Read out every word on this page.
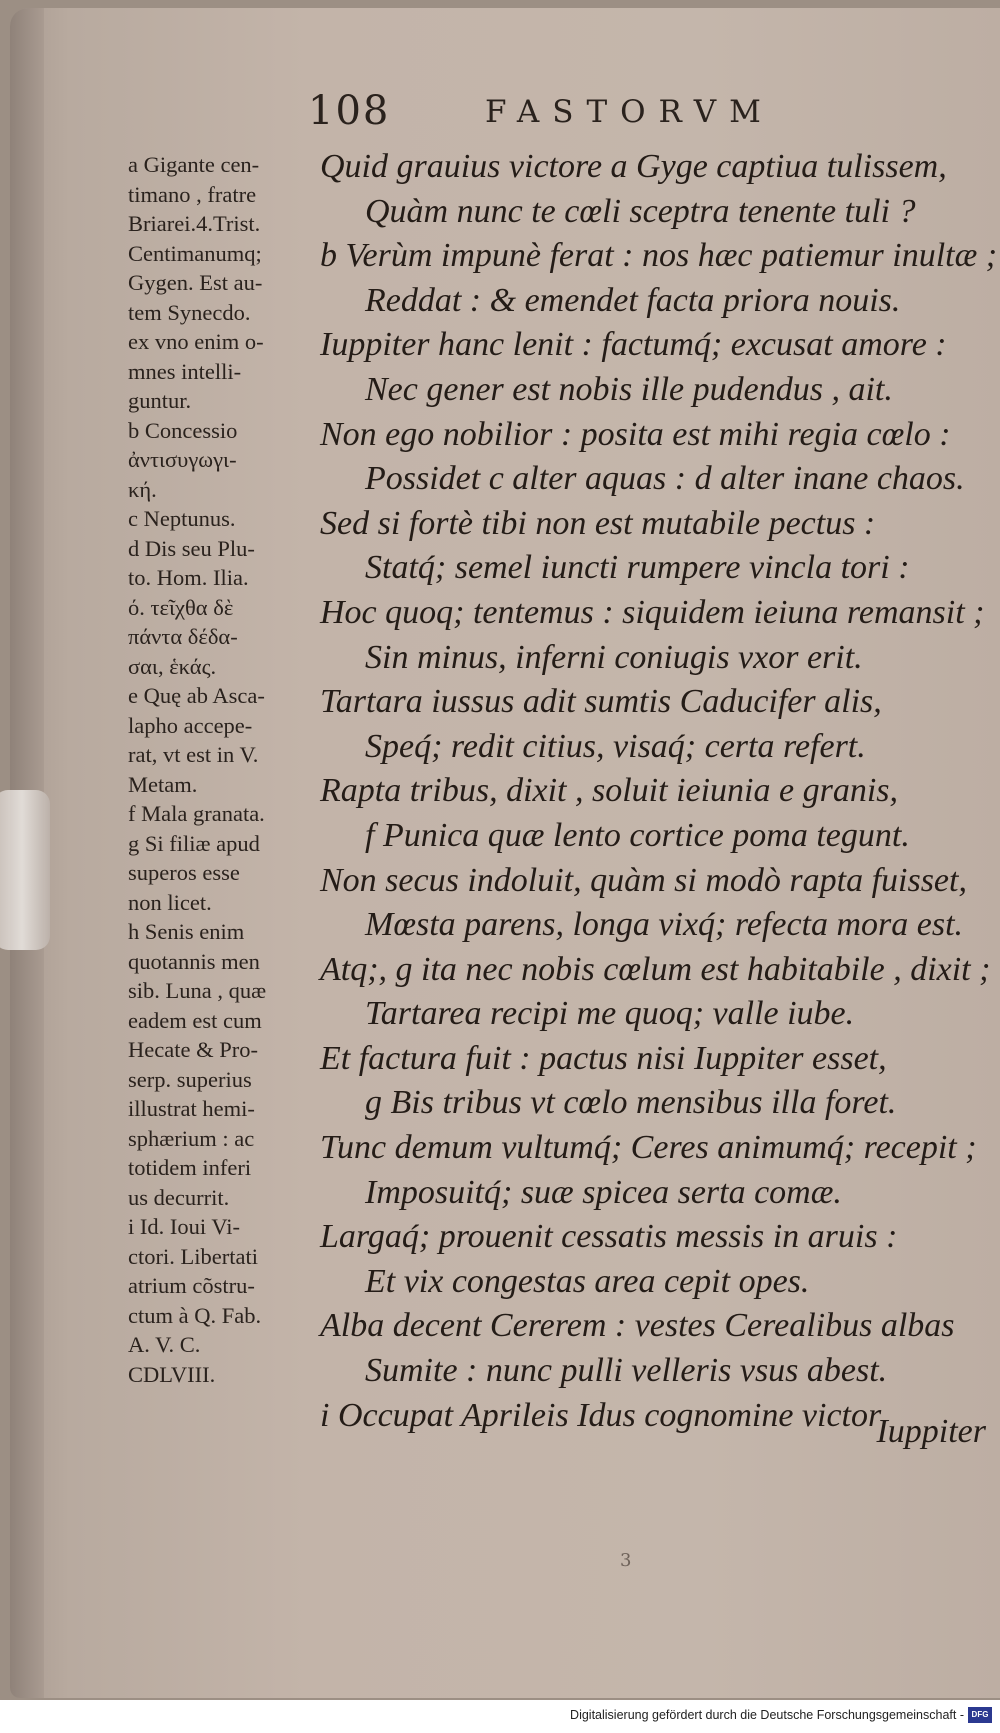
108	FASTORVM
a Gigante cen-
timano , fratre
Briarei.4.Trist.
Centimanumq;
Gygen. Est au-
tem Synecdo.
ex vno enim o-
mnes intelli-
guntur.
b Concessio
ἀντισυγωγι-
κή.
c Neptunus.
d Dis seu Plu-
to. Hom. Ilia.
ό. τεῖχθα δὲ
πάντα δέδα-
σαι, ἑκάς.
e Quę ab Asca-
lapho accepe-
rat, vt est in V.
Metam.
f Mala granata.
g Si filiæ apud
superos esse
non licet.
h Senis enim
quotannis men
sib. Luna , quæ
eadem est cum
Hecate & Pro-
serp. superius
illustrat hemi-
sphærium : ac
totidem inferi
us decurrit.
i Id. Ioui Vi-
ctori. Libertati
atrium cõstru-
ctum à Q. Fab.
A. V. C.
CDLVIII.
Quid grauius victore a Gyge captiua tulissem,
Quàm nunc te cœli sceptra tenente tuli ?
b Verùm impunè ferat : nos hæc patiemur inultæ ;
Reddat : & emendet facta priora nouis.
Iuppiter hanc lenit : factumq́; excusat amore :
Nec gener est nobis ille pudendus , ait.
Non ego nobilior : posita est mihi regia cœlo :
Possidet c alter aquas : d alter inane chaos.
Sed si fortè tibi non est mutabile pectus :
Statq́; semel iuncti rumpere vincla tori :
Hoc quoq; tentemus : siquidem ieiuna remansit ;
Sin minus, inferni coniugis vxor erit.
Tartara iussus adit sumtis Caducifer alis,
Speq́; redit citius, visaq́; certa refert.
Rapta tribus, dixit , soluit ieiunia e granis,
f Punica quæ lento cortice poma tegunt.
Non secus indoluit, quàm si modò rapta fuisset,
Mœsta parens, longa vixq́; refecta mora est.
Atq;, g ita nec nobis cœlum est habitabile , dixit ;
Tartarea recipi me quoq; valle iube.
Et factura fuit : pactus nisi Iuppiter esset,
g Bis tribus vt cœlo mensibus illa foret.
Tunc demum vultumq́; Ceres animumq́; recepit ;
Imposuitq́; suæ spicea serta comæ.
Largaq́; prouenit cessatis messis in aruis :
Et vix congestas area cepit opes.
Alba decent Cererem : vestes Cerealibus albas
Sumite : nunc pulli velleris vsus abest.
i Occupat Aprileis Idus cognomine victor
Iuppiter
3
Digitalisierung gefördert durch die Deutsche Forschungsgemeinschaft - DFG
